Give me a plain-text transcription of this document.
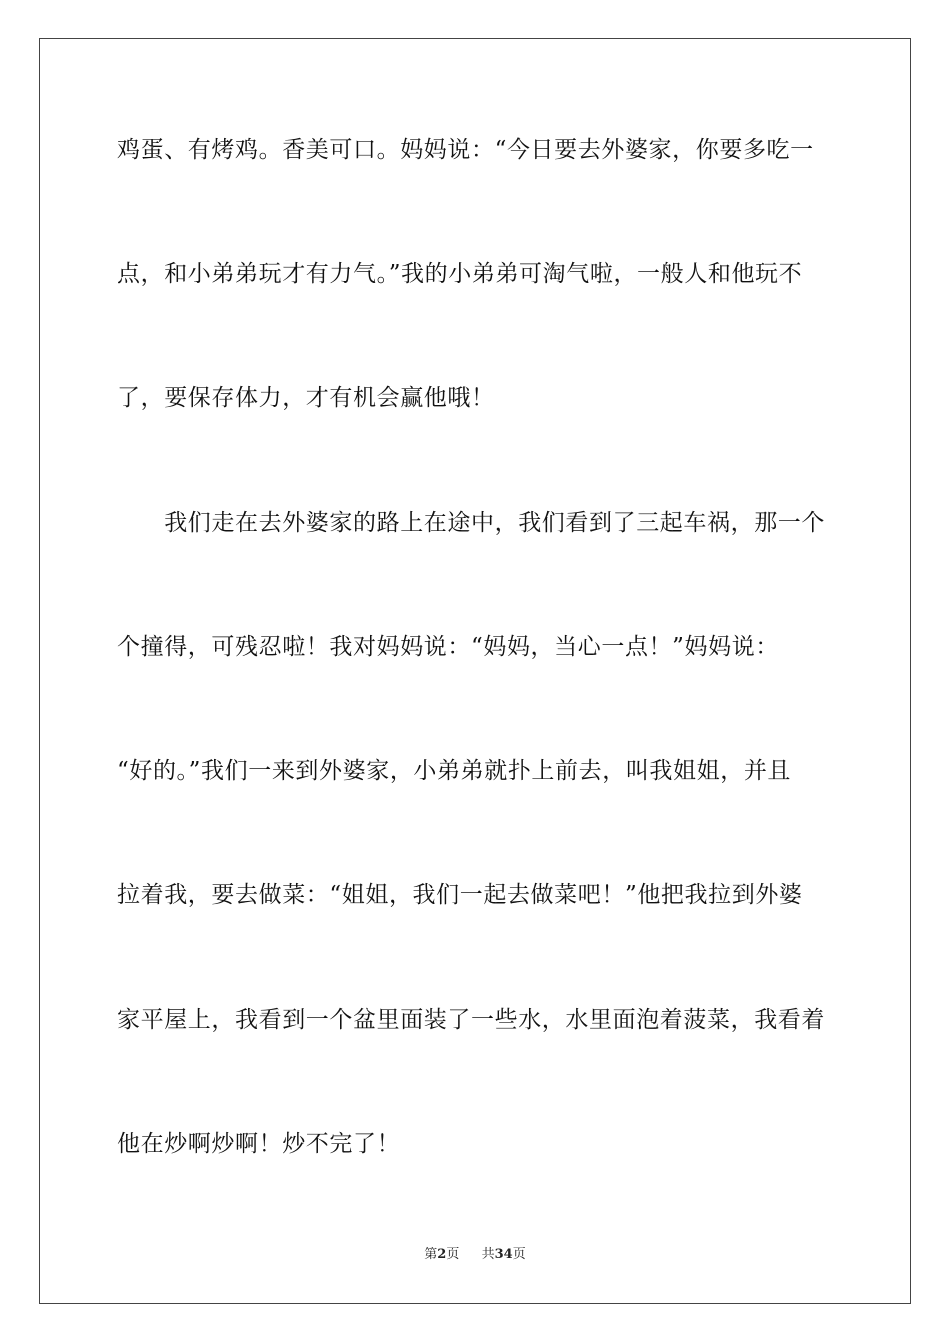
鸡蛋、有烤鸡。香美可口。妈妈说：“今日要去外婆家，你要多吃一
点，和小弟弟玩才有力气。”我的小弟弟可淘气啦，一般人和他玩不
了，要保存体力，才有机会赢他哦！
　　我们走在去外婆家的路上在途中，我们看到了三起车祸，那一个
个撞得，可残忍啦！我对妈妈说：“妈妈，当心一点！”妈妈说：
“好的。”我们一来到外婆家，小弟弟就扑上前去，叫我姐姐，并且
拉着我，要去做菜：“姐姐，我们一起去做菜吧！”他把我拉到外婆
家平屋上，我看到一个盆里面装了一些水，水里面泡着菠菜，我看着
他在炒啊炒啊！炒不完了！
第2页 共34页
